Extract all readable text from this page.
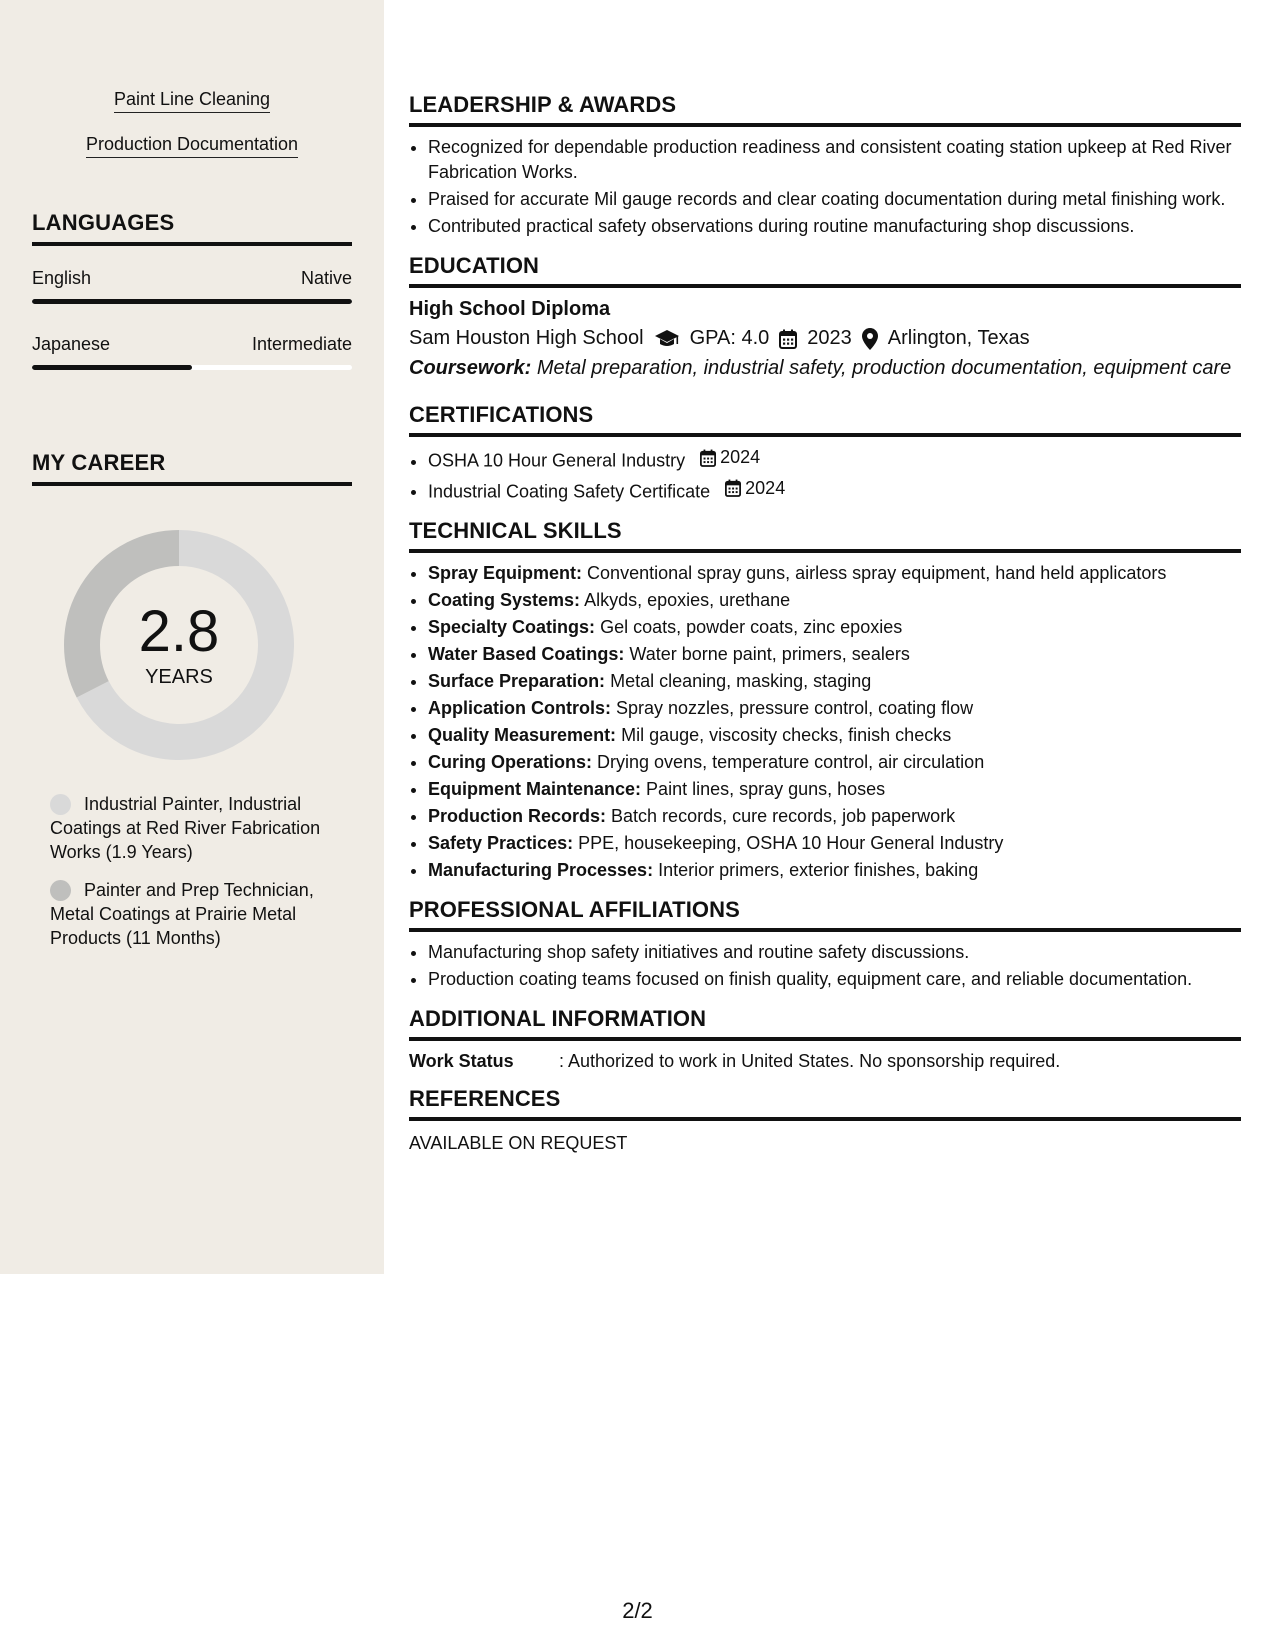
Paint Line Cleaning
Production Documentation
LANGUAGES
English	Native
Japanese	Intermediate
MY CAREER
2.8
YEARS
Industrial Painter, Industrial Coatings at Red River Fabrication Works (1.9 Years)
Painter and Prep Technician, Metal Coatings at Prairie Metal Products (11 Months)
LEADERSHIP & AWARDS
• Recognized for dependable production readiness and consistent coating station upkeep at Red River Fabrication Works.
• Praised for accurate Mil gauge records and clear coating documentation during metal finishing work.
• Contributed practical safety observations during routine manufacturing shop discussions.
EDUCATION
High School Diploma
Sam Houston High School GPA: 4.0 2023 Arlington, Texas
Coursework: Metal preparation, industrial safety, production documentation, equipment care
CERTIFICATIONS
• OSHA 10 Hour General Industry 2024
• Industrial Coating Safety Certificate 2024
TECHNICAL SKILLS
• Spray Equipment: Conventional spray guns, airless spray equipment, hand held applicators
• Coating Systems: Alkyds, epoxies, urethane
• Specialty Coatings: Gel coats, powder coats, zinc epoxies
• Water Based Coatings: Water borne paint, primers, sealers
• Surface Preparation: Metal cleaning, masking, staging
• Application Controls: Spray nozzles, pressure control, coating flow
• Quality Measurement: Mil gauge, viscosity checks, finish checks
• Curing Operations: Drying ovens, temperature control, air circulation
• Equipment Maintenance: Paint lines, spray guns, hoses
• Production Records: Batch records, cure records, job paperwork
• Safety Practices: PPE, housekeeping, OSHA 10 Hour General Industry
• Manufacturing Processes: Interior primers, exterior finishes, baking
PROFESSIONAL AFFILIATIONS
• Manufacturing shop safety initiatives and routine safety discussions.
• Production coating teams focused on finish quality, equipment care, and reliable documentation.
ADDITIONAL INFORMATION
Work Status	: Authorized to work in United States. No sponsorship required.
REFERENCES
AVAILABLE ON REQUEST
2/2
